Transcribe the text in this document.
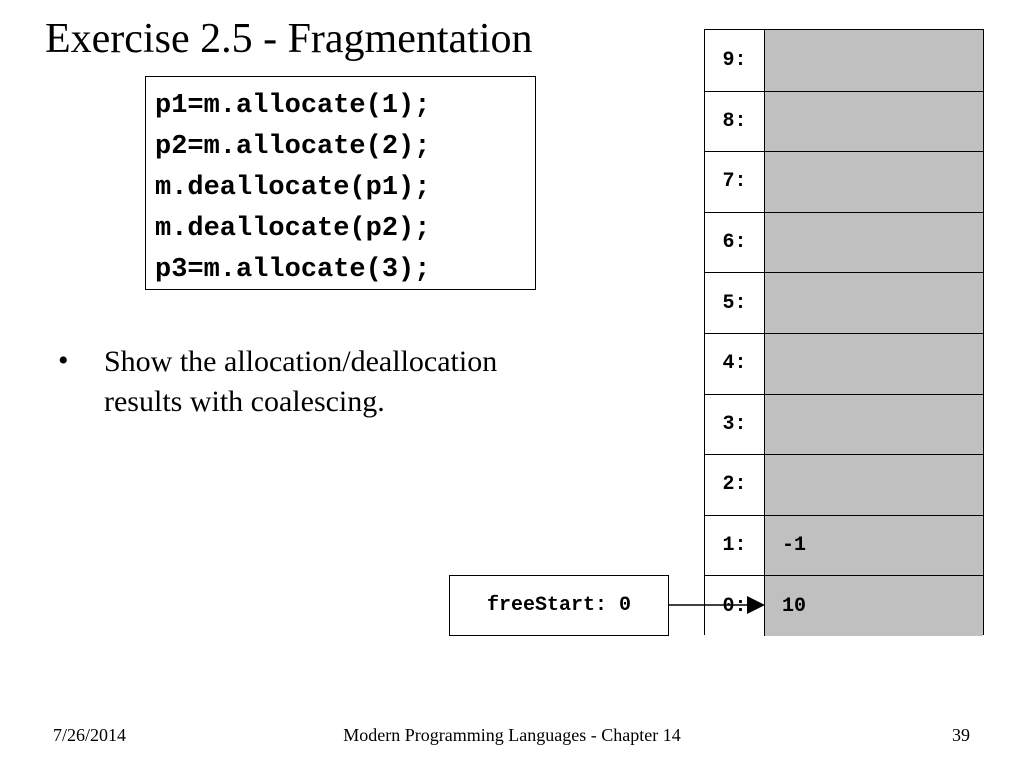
Exercise 2.5 - Fragmentation
p1=m.allocate(1);
p2=m.allocate(2);
m.deallocate(p1);
m.deallocate(p2);
p3=m.allocate(3);
• Show the allocation/deallocation results with coalescing.
9:
8:
7:
6:
5:
4:
3:
2:
1:	-1
0:	10
freeStart: 0
7/26/2014	Modern Programming Languages - Chapter 14	39
